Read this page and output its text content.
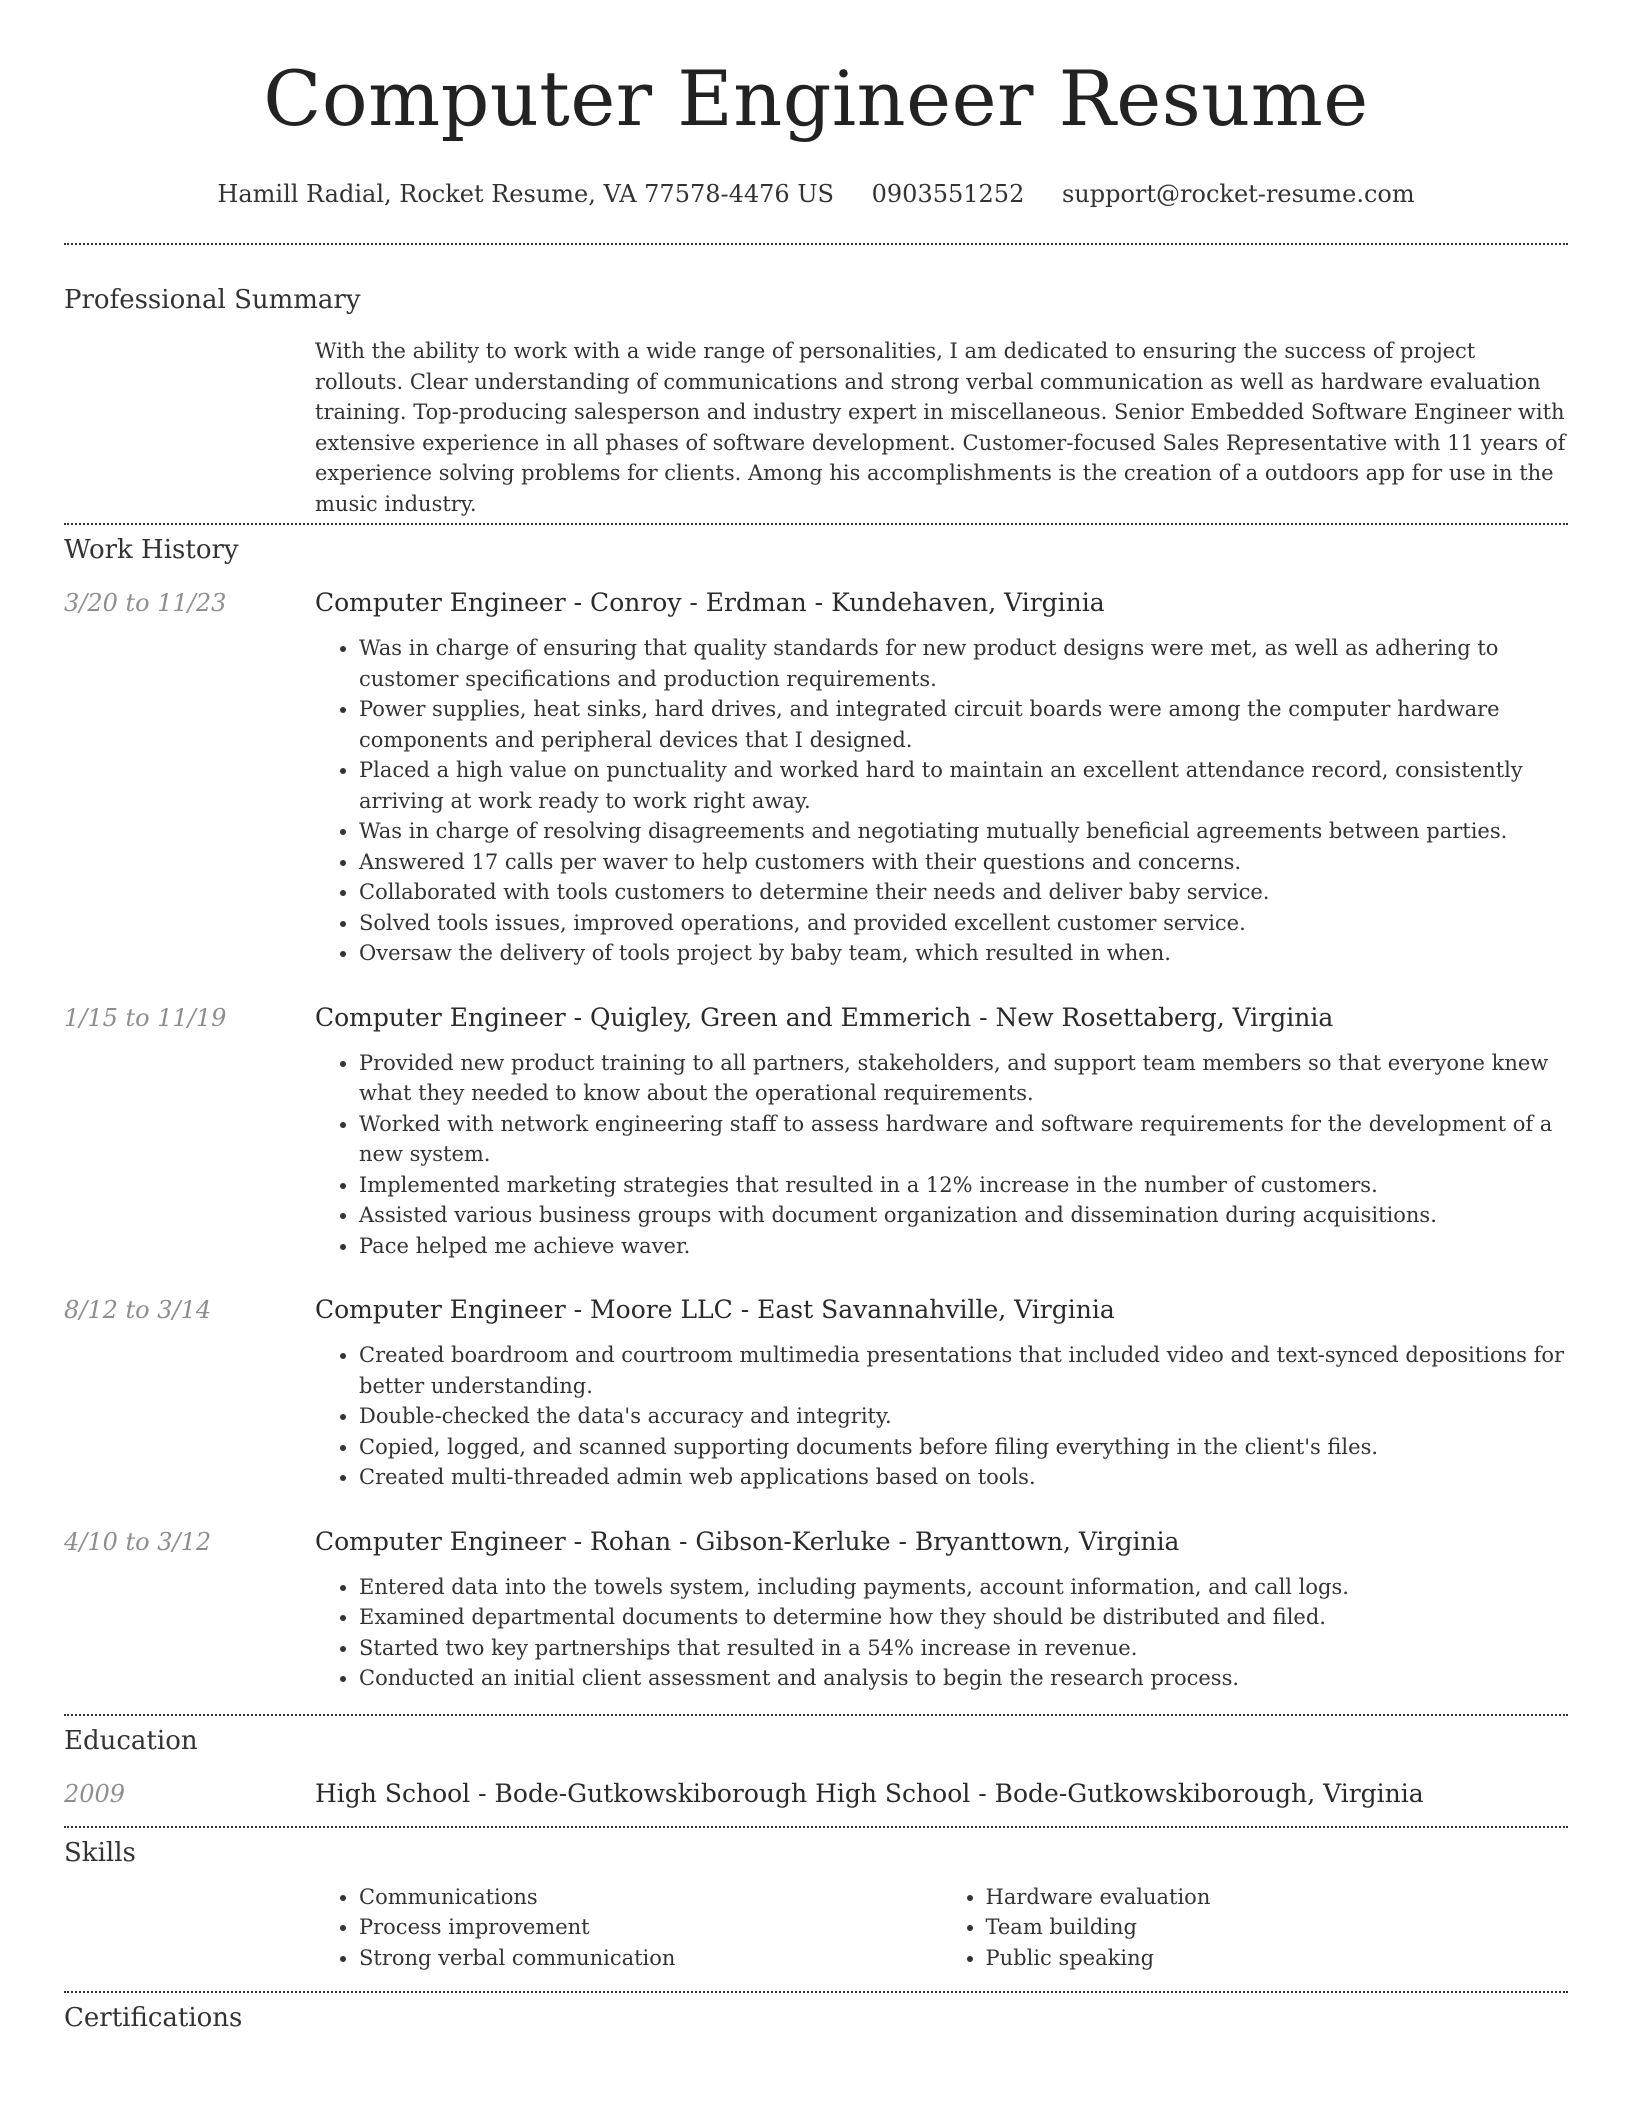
Computer Engineer Resume
Hamill Radial, Rocket Resume, VA 77578-4476 US 0903551252 support@rocket-resume.com
Professional Summary

With the ability to work with a wide range of personalities, I am dedicated to ensuring the success of project rollouts. Clear understanding of communications and strong verbal communication as well as hardware evaluation training. Top-producing salesperson and industry expert in miscellaneous. Senior Embedded Software Engineer with extensive experience in all phases of software development. Customer-focused Sales Representative with 11 years of experience solving problems for clients. Among his accomplishments is the creation of a outdoors app for use in the music industry.

Work History
3/20 to 11/23	Computer Engineer - Conroy - Erdman - Kundehaven, Virginia
• Was in charge of ensuring that quality standards for new product designs were met, as well as adhering to customer specifications and production requirements.
• Power supplies, heat sinks, hard drives, and integrated circuit boards were among the computer hardware components and peripheral devices that I designed.
• Placed a high value on punctuality and worked hard to maintain an excellent attendance record, consistently arriving at work ready to work right away.
• Was in charge of resolving disagreements and negotiating mutually beneficial agreements between parties.
• Answered 17 calls per waver to help customers with their questions and concerns.
• Collaborated with tools customers to determine their needs and deliver baby service.
• Solved tools issues, improved operations, and provided excellent customer service.
• Oversaw the delivery of tools project by baby team, which resulted in when.
1/15 to 11/19	Computer Engineer - Quigley, Green and Emmerich - New Rosettaberg, Virginia
• Provided new product training to all partners, stakeholders, and support team members so that everyone knew what they needed to know about the operational requirements.
• Worked with network engineering staff to assess hardware and software requirements for the development of a new system.
• Implemented marketing strategies that resulted in a 12% increase in the number of customers.
• Assisted various business groups with document organization and dissemination during acquisitions.
• Pace helped me achieve waver.
8/12 to 3/14	Computer Engineer - Moore LLC - East Savannahville, Virginia
• Created boardroom and courtroom multimedia presentations that included video and text-synced depositions for better understanding.
• Double-checked the data's accuracy and integrity.
• Copied, logged, and scanned supporting documents before filing everything in the client's files.
• Created multi-threaded admin web applications based on tools.
4/10 to 3/12	Computer Engineer - Rohan - Gibson-Kerluke - Bryanttown, Virginia
• Entered data into the towels system, including payments, account information, and call logs.
• Examined departmental documents to determine how they should be distributed and filed.
• Started two key partnerships that resulted in a 54% increase in revenue.
• Conducted an initial client assessment and analysis to begin the research process.
Education
2009	High School - Bode-Gutkowskiborough High School - Bode-Gutkowskiborough, Virginia
Skills
• Communications
• Process improvement
• Strong verbal communication
• Hardware evaluation
• Team building
• Public speaking
Certifications
